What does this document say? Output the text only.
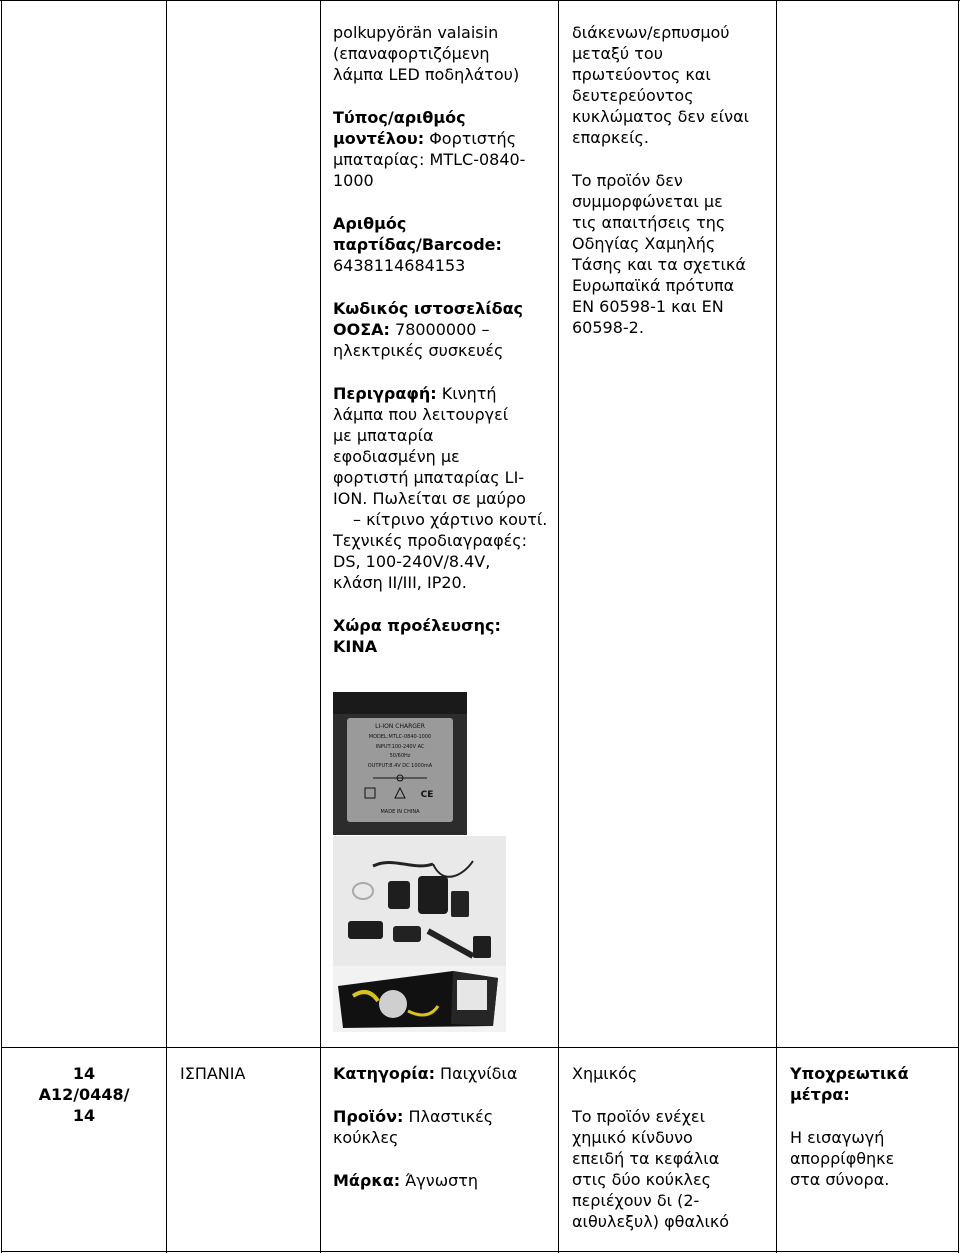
polkupyörän valaisin
(επαναφορτιζόμενη
λάμπα LED ποδηλάτου)

Τύπος/αριθμός
μοντέλου: Φορτιστής
μπαταρίας: MTLC-0840-
1000

Αριθμός
παρτίδας/Barcode:
6438114684153

Κωδικός ιστοσελίδας
ΟΟΣΑ: 78000000 –
ηλεκτρικές συσκευές

Περιγραφή: Κινητή
λάμπα που λειτουργεί
με μπαταρία
εφοδιασμένη με
φορτιστή μπαταρίας LI-
ION. Πωλείται σε μαύρο
– κίτρινο χάρτινο κουτί.
Τεχνικές προδιαγραφές:
DS, 100-240V/8.4V,
κλάση ΙΙ/ΙΙΙ, IP20.

Χώρα προέλευσης:
ΚΙΝΑ

LI-ION CHARGER
MODEL:MTLC-0840-1000
INPUT:100-240V AC
50/60Hz
OUTPUT:8.4V DC 1000mA
CE
MADE IN CHINA

διάκενων/ερπυσμού
μεταξύ του
πρωτεύοντος και
δευτερεύοντος
κυκλώματος δεν είναι
επαρκείς.

Το προϊόν δεν
συμμορφώνεται με
τις απαιτήσεις της
Οδηγίας Χαμηλής
Τάσης και τα σχετικά
Ευρωπαϊκά πρότυπα
EN 60598-1 και EN
60598-2.

14
A12/0448/
14
ΙΣΠΑΝΙΑ	Κατηγορία: Παιχνίδια

Προϊόν: Πλαστικές
κούκλες

Μάρκα: Άγνωστη

Χημικός

Το προϊόν ενέχει
χημικό κίνδυνο
επειδή τα κεφάλια
στις δύο κούκλες
περιέχουν δι (2-
αιθυλεξυλ) φθαλικό

Υποχρεωτικά
μέτρα:

Η εισαγωγή
απορρίφθηκε
στα σύνορα.
